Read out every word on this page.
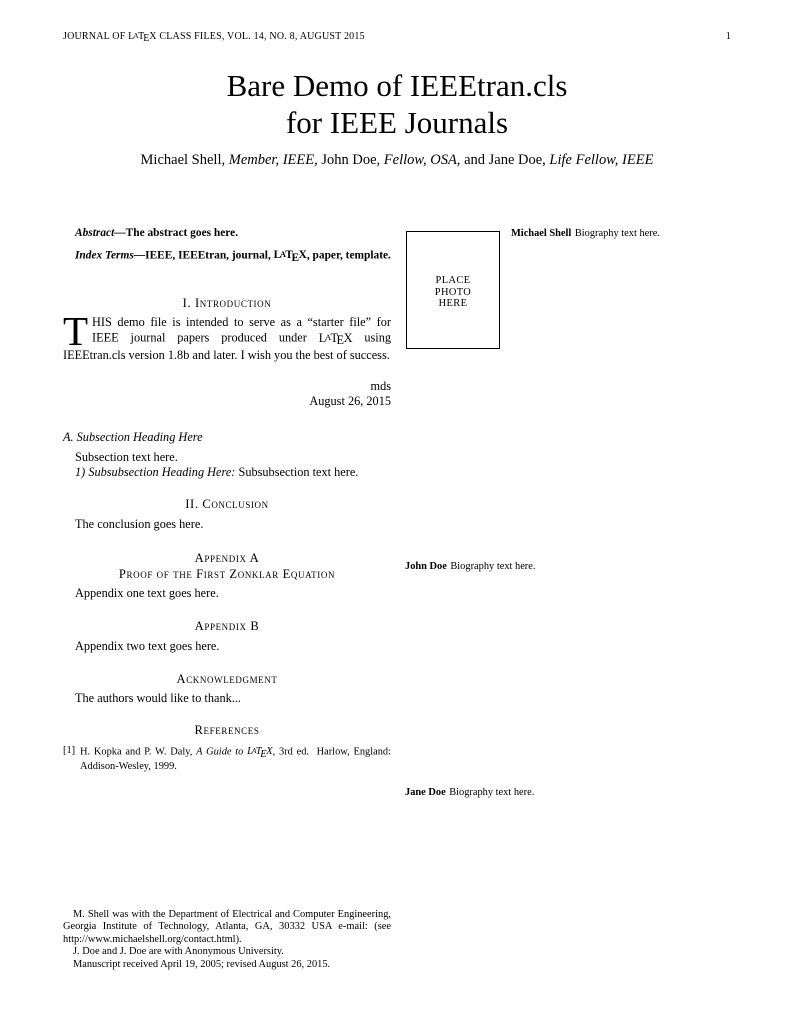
JOURNAL OF LATEX CLASS FILES, VOL. 14, NO. 8, AUGUST 2015	1
Bare Demo of IEEEtran.cls
for IEEE Journals
Michael Shell, Member, IEEE, John Doe, Fellow, OSA, and Jane Doe, Life Fellow, IEEE

Abstract—The abstract goes here.

Index Terms—IEEE, IEEEtran, journal, LATEX, paper, template.

I. Introduction

THIS demo file is intended to serve as a “starter file” for IEEE journal papers produced under LATEX using IEEEtran.cls version 1.8b and later. I wish you the best of success.

mds
August 26, 2015

A. Subsection Heading Here

Subsection text here.

1) Subsubsection Heading Here: Subsubsection text here.

II. Conclusion

The conclusion goes here.

Appendix A
Proof of the First Zonklar Equation

Appendix one text goes here.

Appendix B

Appendix two text goes here.

Acknowledgment

The authors would like to thank...

References

[1] H. Kopka and P. W. Daly, A Guide to LATEX, 3rd ed.  Harlow, England: Addison-Wesley, 1999.

M. Shell was with the Department of Electrical and Computer Engineering, Georgia Institute of Technology, Atlanta, GA, 30332 USA e-mail: (see http://www.michaelshell.org/contact.html).

J. Doe and J. Doe are with Anonymous University.

Manuscript received April 19, 2005; revised August 26, 2015.

PLACE
PHOTO
HERE

Michael Shell Biography text here.

John Doe Biography text here.

Jane Doe Biography text here.
